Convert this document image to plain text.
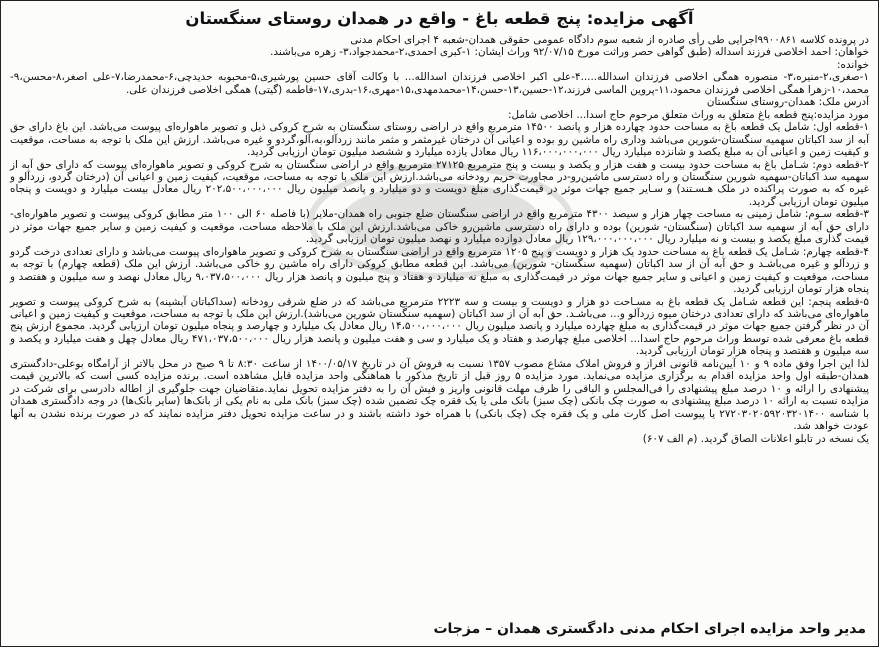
آگهی مزایده: پنج قطعه باغ - واقع در همدان روستای سنگستان

در پرونده کلاسه ۹۹۰۰۸۶۱اجرایی طی رأی صادره از شعبه سوم دادگاه عمومی حقوقی همدان-شعبه ۴ اجرای احکام مدنی

خواهان: احمد اخلاصی فرزند اسداله (طبق گواهی حصر وراثت مورخ ۹۲/۰۷/۱۵ وراث ایشان: ۱-کبری احمدی،۲-محمدجواد،۳- زهره می‌باشند.

خوانده:

۱-صغری،۲-منیره،۳- منصوره همگی اخلاصی فرزندان اسدالله.....۴-علی اکبر اخلاصی فرزندان اسدالله... با وکالت آقای حسین پورشیری،۵-محبوبه حدیدچی،۶-محمدرضا،۷-علی اصغر،۸-محسن،۹-محمد،۱۰-زهرا همگی اخلاصی فرزندان محمود،۱۱-پروین الماسی فرزند،۱۲-حسین،۱۳-حسن،۱۴-محمدمهدی،۱۵-مهری،۱۶-بدری،۱۷-فاطمه (گیتی) همگی اخلاصی فرزندان علی.

آدرس ملک: همدان-روستای سنگستان

مورد مزایده:پنج قطعه باغ متعلق به وراث متعلق مرحوم حاج اسدا... اخلاصی شامل:

۱-قطعه اول: شامل یک قطعه باغ به مساحت حدود چهارده هزار و پانصد ۱۴۵۰۰ مترمربع واقع در اراضی روستای سنگستان به شرح کروکی ذیل و تصویر ماهواره‌ای پیوست می‌باشد. این باغ دارای حق آبه از سد اکباتان سهمیه سنگستان-شورین می‌باشد وداری راه ماشین رو بوده و اعیانی آن درختان غیرمثمر و مثمر مانند زردآلو،به،آلو،گردو و غیره می‌باشد. ارزش این ملک با توجه به مساحت، موقعیت و کیفیت زمین و اعیانی آن به مبلغ یکصد و شانزده میلیارد ریال ۱۱۶،۰۰۰،۰۰۰،۰۰۰ ریال معادل یازده میلیارد و ششصد میلیون تومان ارزیابی گردید.

۲-قطعه دوم: شـامل باغ به مساحت حدود بیست و هفت هزار و یکصد و بیست و پنج مترمربع ۲۷۱۲۵ مترمربع واقع در اراضی سنگستان به شرح کروکی و تصویر ماهواره‌ای پیوست که دارای حق آبه از سهمیه سد اکباتان-سهمیه شورین سنگستان و راه دسترسی ماشین‌رو-در مجاورت حریم رودخانه می‌باشد.ارزش این ملک با توجه به مساحت، موقعیت، کیفیت زمین و اعیانی آن (درختان گردو، زردآلو و غیره که به صورت پراکنده در ملک هـسـتند) و سـایر جمیع جهات موثر در قیمت‌گذاری مبلغ دویست و دو میلیارد و پانصد میلیون ریال ۲۰۲،۵۰۰،۰۰۰،۰۰۰ ریال معادل بیست میلیارد و دویست و پنجاه میلیون تومان ارزیابی گردید.

۳-قطعه سـوم: شامل زمینی به مساحت چهار هزار و سیصد ۴۳۰۰ مترمربع واقع در اراضی سنگستان ضلع جنوبی راه همدان-ملایر (با فاصله ۶۰ الی ۱۰۰ متر مطابق کروکی پیوست و تصویر ماهواره‌ای-دارای حق آبه از سهمیه سد اکباتان (سنگستان- شورین) بوده و دارای راه دسترسی ماشین‌رو خاکی می‌باشد.ارزش این ملک با ملاحظه مساحت، موقعیت و کیفیت زمین و سایر جمیع جهات موثر در قیمت گذاری مبلغ یکصد و بیست و نه میلیارد ریال ۱۲۹،۰۰۰،۰۰۰،۰۰۰ ریال معادل دوازده میلیارد و نهصد میلیون تومان ارزیابی گردید.

۴-قطعه چهارم: شـامل یک قطعه باغ به مساحت حدود یک هزار و دویست و پنج ۱۲۰۵ مترمربع واقع در اراضی سنگستان به شرح کروکی و تصویر ماهواره‌ای پیوست می‌باشد و دارای تعدادی درخت گردو و زردآلو و غیره می‌باشـد و حق آبه آن از سد اکباتان (سهمیه سنگستان- شورین) می‌باشد. این قطعه مطابق کروکی دارای راه ماشین رو خاکی می‌باشد. ارزش این ملک (قطعه چهارم) با توجه به مساحت، موقعیت و کیفیت زمین و اعیانی و سایر جمیع جهات موثر در قیمت‌گذاری به مبلغ نه میلیارد و هفتاد و پنج میلیون و پانصد هزار ریال ۹،۰۳۷،۵۰۰،۰۰۰ ریال معادل نهصد و سه میلیون و هفتصد و پنجاه هزار تومان ارزیابی گردید.

۵-قطعه پنجم: این قطعه شـامل یک قطعه باغ به مسـاحت دو هزار و دویست و بیست و سه ۲۲۲۳ مترمربع می‌باشد که در ضلع شرقی رودخانه (سداکباتان آبشینه) به شرح کروکی پیوست و تصویر ماهواره‌ای می‌باشد که دارای تعدادی درختان میوه زردآلو و... می‌باشـد. حق آبه آن از سد اکباتان (سهمیه سنگستان شورین می‌باشد).ارزش این ملک با توجه به مساحت، موقعیت و کیفیت زمین و اعیانی آن در نظر گرفتن جمیع جهات موثر در قیمت‌گذاری به مبلغ چهارده میلیارد و پانصد میلیون ریال ۱۴،۵۰۰،۰۰۰،۰۰۰ ریال معادل یک میلیارد و چهارصد و پنجاه میلیون تومان ارزیابی گردید. مجموع ارزش پنج قطعه باغ معرفی شده توسط وراث مرحوم حاج اسدا... اخلاصی مبلغ چهارصد و هفتاد و یک میلیارد و سی و هفت میلیون و پانصد هزار ریال ۴۷۱،۰۳۷،۵۰۰،۰۰۰ ریال معادل چهل و هفت میلیارد و یکصد و سه میلیون و هفتصد و پنجاه هزار تومان ارزیابی گردید.

لذا این اجرا وفق ماده ۹ و ۱۰ آیین‌نامه قانونی افراز و فروش املاک مشاع مصوب ۱۳۵۷ نسبت به فروش آن در تاریخ ۱۴۰۰/۰۵/۱۷ از ساعت ۸:۳۰ تا ۹ صبح در محل بالاتر از آرامگاه بوعلی-دادگستری همدان-طبقه اول واحد مزایده اقدام به برگزاری مزایده می‌نماید. مورد مزایده ۵ روز قبل از تاریخ مذکور با هماهنگی واحد مزایده قابل مشاهده است. برنده مزایده کسی است که بالاترین قیمت پیشنهادی را ارائه و ۱۰ درصد مبلغ پیشنهادی را فی‌المجلس و الباقی را ظرف مهلت قانونی واریز و فیش آن را به دفتر مزایده تحویل نماید.متقاضیان جهت جلوگیری از اطاله دادرسی برای شرکت در مزایده نسبت به ارائه ۱۰ درصد مبلغ پیشنهادی به صورت چک بانکی (چک سبز) بانک ملی یا یک فقره چک تضمین شده (چک سبز) بانک ملی به نام یکی از بانک‌ها (سایر بانک‌ها) در وجه دادگستری همدان با شناسه ۲۷۲۰۳۰۲۰۵۹۲۰۳۲۰۱۴۰۰ یا پیوست اصل کارت ملی و یک فقره چک (چک بانکی) با همراه خود داشته باشند و در ساعت مزایده تحویل دفتر مزایده نمایند که در صورت برنده نشدن به آنها عودت خواهد شد.

یک نسخه در تابلو اعلانات الصاق گردید. (م الف ۶۰۷)

مدیر واحد مزایده اجرای احکام مدنی دادگستری همدان – مزجات
